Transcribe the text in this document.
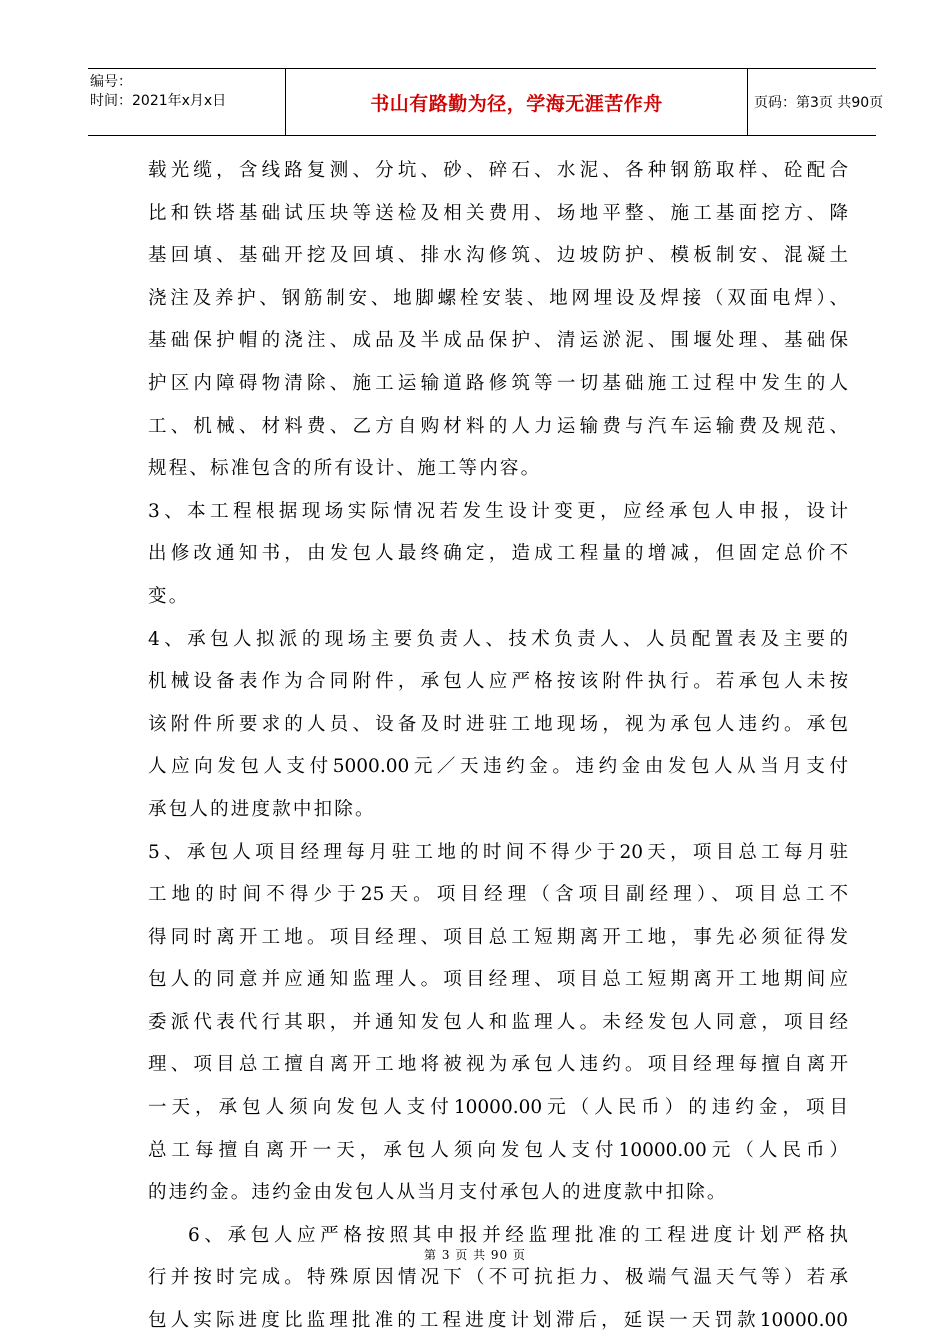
编号：
时间：2021年x月x日	书山有路勤为径，学海无涯苦作舟	页码：第3页 共90页
载光缆，含线路复测、分坑、砂、碎石、水泥、各种钢筋取样、砼配合
比和铁塔基础试压块等送检及相关费用、场地平整、施工基面挖方、降
基回填、基础开挖及回填、排水沟修筑、边坡防护、模板制安、混凝土
浇注及养护、钢筋制安、地脚螺栓安装、地网埋设及焊接（双面电焊）、
基础保护帽的浇注、成品及半成品保护、清运淤泥、围堰处理、基础保
护区内障碍物清除、施工运输道路修筑等一切基础施工过程中发生的人
工、机械、材料费、乙方自购材料的人力运输费与汽车运输费及规范、
规程、标准包含的所有设计、施工等内容。
3、本工程根据现场实际情况若发生设计变更，应经承包人申报，设计
出修改通知书，由发包人最终确定，造成工程量的增减，但固定总价不
变。
4、承包人拟派的现场主要负责人、技术负责人、人员配置表及主要的
机械设备表作为合同附件，承包人应严格按该附件执行。若承包人未按
该附件所要求的人员、设备及时进驻工地现场，视为承包人违约。承包
人应向发包人支付5000.00元／天违约金。违约金由发包人从当月支付
承包人的进度款中扣除。
5、承包人项目经理每月驻工地的时间不得少于20天，项目总工每月驻
工地的时间不得少于25天。项目经理（含项目副经理）、项目总工不
得同时离开工地。项目经理、项目总工短期离开工地，事先必须征得发
包人的同意并应通知监理人。项目经理、项目总工短期离开工地期间应
委派代表代行其职，并通知发包人和监理人。未经发包人同意，项目经
理、项目总工擅自离开工地将被视为承包人违约。项目经理每擅自离开
一天，承包人须向发包人支付10000.00元（人民币）的违约金，项目
总工每擅自离开一天，承包人须向发包人支付10000.00元（人民币）
的违约金。违约金由发包人从当月支付承包人的进度款中扣除。
6、承包人应严格按照其申报并经监理批准的工程进度计划严格执
行并按时完成。特殊原因情况下（不可抗拒力、极端气温天气等）若承
包人实际进度比监理批准的工程进度计划滞后，延误一天罚款10000.00
第 3 页 共 90 页
